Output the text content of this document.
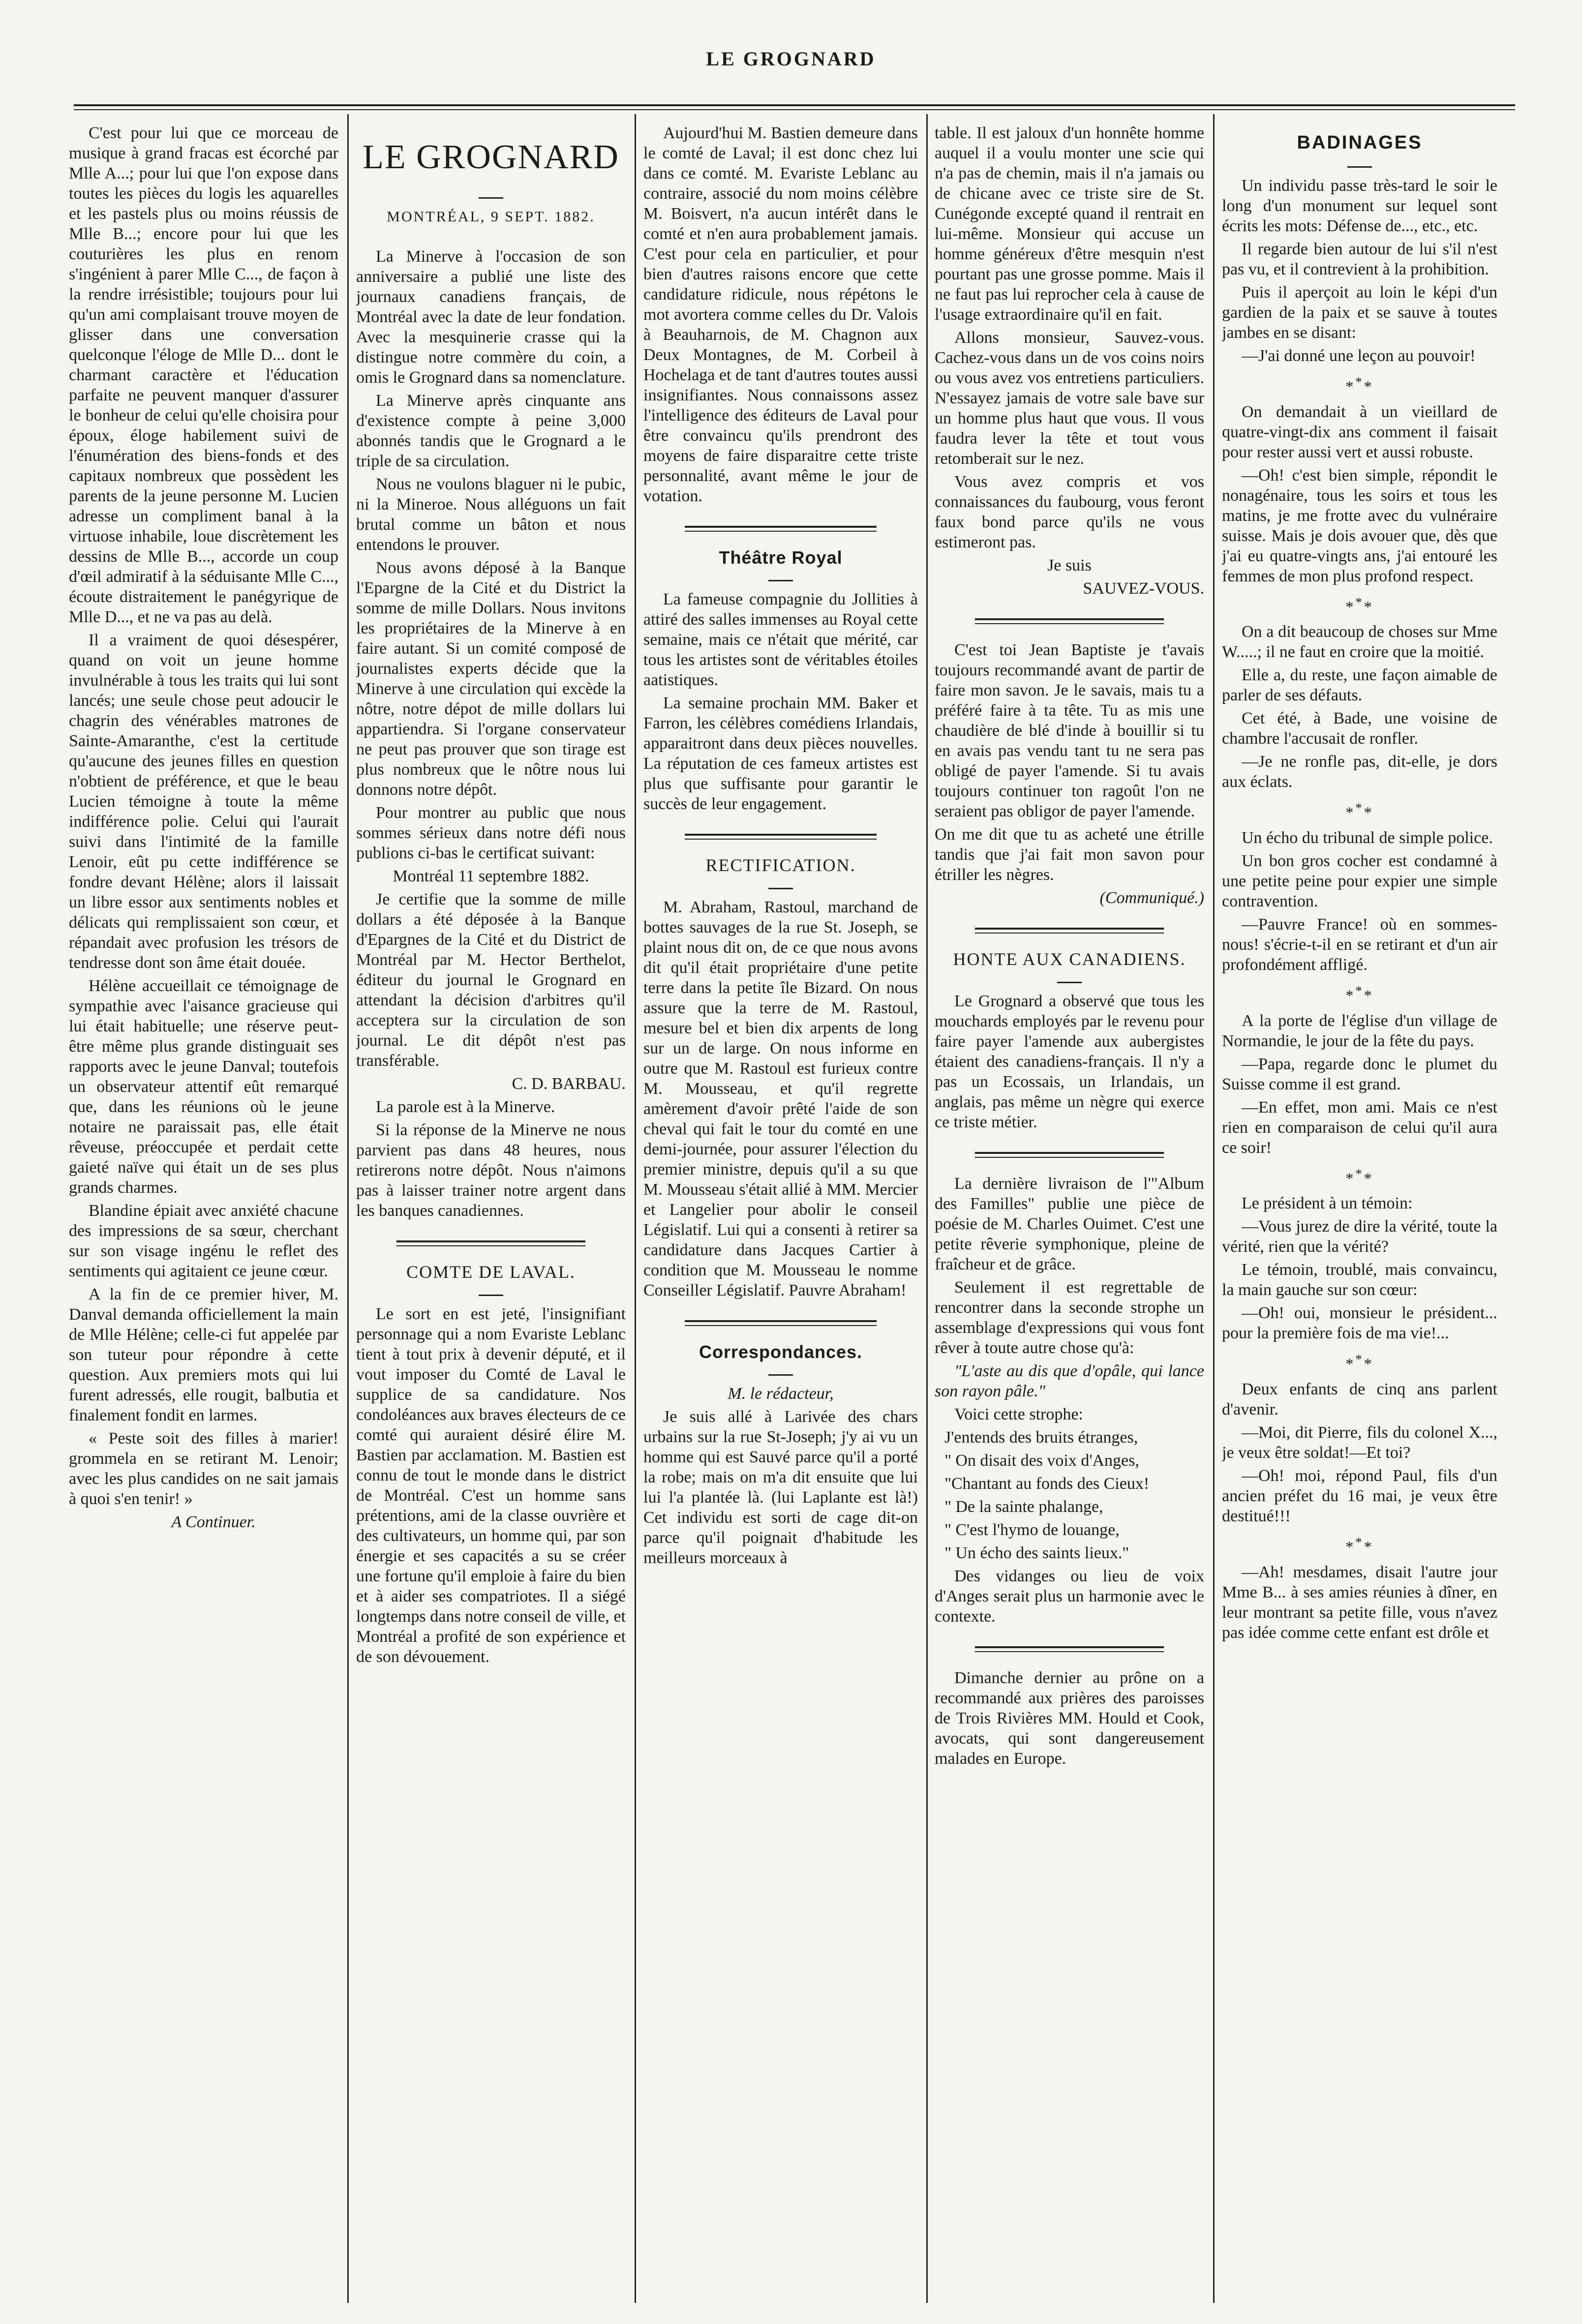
LE GROGNARD

C'est pour lui que ce morceau de musique à grand fracas est écorché par Mlle A...; pour lui que l'on expose dans toutes les pièces du logis les aquarelles et les pastels plus ou moins réussis de Mlle B...; encore pour lui que les couturières les plus en renom s'ingénient à parer Mlle C..., de façon à la rendre irrésistible; toujours pour lui qu'un ami complaisant trouve moyen de glisser dans une conversation quelconque l'éloge de Mlle D... dont le charmant caractère et l'éducation parfaite ne peuvent manquer d'assurer le bonheur de celui qu'elle choisira pour époux, éloge habilement suivi de l'énumération des biens-fonds et des capitaux nombreux que possèdent les parents de la jeune personne M. Lucien adresse un compliment banal à la virtuose inhabile, loue discrètement les dessins de Mlle B..., accorde un coup d'œil admiratif à la séduisante Mlle C..., écoute distraitement le panégyrique de Mlle D..., et ne va pas au delà.

Il a vraiment de quoi désespérer, quand on voit un jeune homme invulnérable à tous les traits qui lui sont lancés; une seule chose peut adoucir le chagrin des vénérables matrones de Sainte-Amaranthe, c'est la certitude qu'aucune des jeunes filles en question n'obtient de préférence, et que le beau Lucien témoigne à toute la même indifférence polie. Celui qui l'aurait suivi dans l'intimité de la famille Lenoir, eût pu cette indifférence se fondre devant Hélène; alors il laissait un libre essor aux sentiments nobles et délicats qui remplissaient son cœur, et répandait avec profusion les trésors de tendresse dont son âme était douée.

Hélène accueillait ce témoignage de sympathie avec l'aisance gracieuse qui lui était habituelle; une réserve peut-être même plus grande distinguait ses rapports avec le jeune Danval; toutefois un observateur attentif eût remarqué que, dans les réunions où le jeune notaire ne paraissait pas, elle était rêveuse, préoccupée et perdait cette gaieté naïve qui était un de ses plus grands charmes.

Blandine épiait avec anxiété chacune des impressions de sa sœur, cherchant sur son visage ingénu le reflet des sentiments qui agitaient ce jeune cœur.

A la fin de ce premier hiver, M. Danval demanda officiellement la main de Mlle Hélène; celle-ci fut appelée par son tuteur pour répondre à cette question. Aux premiers mots qui lui furent adressés, elle rougit, balbutia et finalement fondit en larmes.

« Peste soit des filles à marier! grommela en se retirant M. Lenoir; avec les plus candides on ne sait jamais à quoi s'en tenir! »

A Continuer.

LE GROGNARD
MONTRÉAL, 9 SEPT. 1882.

La Minerve à l'occasion de son anniversaire a publié une liste des journaux canadiens français, de Montréal avec la date de leur fondation. Avec la mesquinerie crasse qui la distingue notre commère du coin, a omis le Grognard dans sa nomenclature.

La Minerve après cinquante ans d'existence compte à peine 3,000 abonnés tandis que le Grognard a le triple de sa circulation.

Nous ne voulons blaguer ni le pubic, ni la Mineroe. Nous alléguons un fait brutal comme un bâton et nous entendons le prouver.

Nous avons déposé à la Banque l'Epargne de la Cité et du District la somme de mille Dollars. Nous invitons les propriétaires de la Minerve à en faire autant. Si un comité composé de journalistes experts décide que la Minerve à une circulation qui excède la nôtre, notre dépot de mille dollars lui appartiendra. Si l'organe conservateur ne peut pas prouver que son tirage est plus nombreux que le nôtre nous lui donnons notre dépôt.

Pour montrer au public que nous sommes sérieux dans notre défi nous publions ci-bas le certificat suivant:

Montréal 11 septembre 1882.

Je certifie que la somme de mille dollars a été déposée à la Banque d'Epargnes de la Cité et du District de Montréal par M. Hector Berthelot, éditeur du journal le Grognard en attendant la décision d'arbitres qu'il acceptera sur la circulation de son journal. Le dit dépôt n'est pas transférable.

C. D. BARBAU.

La parole est à la Minerve.

Si la réponse de la Minerve ne nous parvient pas dans 48 heures, nous retirerons notre dépôt. Nous n'aimons pas à laisser trainer notre argent dans les banques canadiennes.

COMTE DE LAVAL.

Le sort en est jeté, l'insignifiant personnage qui a nom Evariste Leblanc tient à tout prix à devenir député, et il vout imposer du Comté de Laval le supplice de sa candidature. Nos condoléances aux braves électeurs de ce comté qui auraient désiré élire M. Bastien par acclamation. M. Bastien est connu de tout le monde dans le district de Montréal. C'est un homme sans prétentions, ami de la classe ouvrière et des cultivateurs, un homme qui, par son énergie et ses capacités a su se créer une fortune qu'il emploie à faire du bien et à aider ses compatriotes. Il a siégé longtemps dans notre conseil de ville, et Montréal a profité de son expérience et de son dévouement.

Aujourd'hui M. Bastien demeure dans le comté de Laval; il est donc chez lui dans ce comté. M. Evariste Leblanc au contraire, associé du nom moins célèbre M. Boisvert, n'a aucun intérêt dans le comté et n'en aura probablement jamais. C'est pour cela en particulier, et pour bien d'autres raisons encore que cette candidature ridicule, nous répétons le mot avortera comme celles du Dr. Valois à Beauharnois, de M. Chagnon aux Deux Montagnes, de M. Corbeil à Hochelaga et de tant d'autres toutes aussi insignifiantes. Nous connaissons assez l'intelligence des éditeurs de Laval pour être convaincu qu'ils prendront des moyens de faire disparaitre cette triste personnalité, avant même le jour de votation.

Théâtre Royal

La fameuse compagnie du Jollities à attiré des salles immenses au Royal cette semaine, mais ce n'était que mérité, car tous les artistes sont de véritables étoiles aatistiques.

La semaine prochain MM. Baker et Farron, les célèbres comédiens Irlandais, apparaitront dans deux pièces nouvelles. La réputation de ces fameux artistes est plus que suffisante pour garantir le succès de leur engagement.

RECTIFICATION.

M. Abraham, Rastoul, marchand de bottes sauvages de la rue St. Joseph, se plaint nous dit on, de ce que nous avons dit qu'il était propriétaire d'une petite terre dans la petite île Bizard. On nous assure que la terre de M. Rastoul, mesure bel et bien dix arpents de long sur un de large. On nous informe en outre que M. Rastoul est furieux contre M. Mousseau, et qu'il regrette amèrement d'avoir prêté l'aide de son cheval qui fait le tour du comté en une demi-journée, pour assurer l'élection du premier ministre, depuis qu'il a su que M. Mousseau s'était allié à MM. Mercier et Langelier pour abolir le conseil Législatif. Lui qui a consenti à retirer sa candidature dans Jacques Cartier à condition que M. Mousseau le nomme Conseiller Législatif. Pauvre Abraham!

Correspondances.

M. le rédacteur,

Je suis allé à Larivée des chars urbains sur la rue St-Joseph; j'y ai vu un homme qui est Sauvé parce qu'il a porté la robe; mais on m'a dit ensuite que lui lui l'a plantée là. (lui Laplante est là!) Cet individu est sorti de cage dit-on parce qu'il poignait d'habitude les meilleurs morceaux à

table. Il est jaloux d'un honnête homme auquel il a voulu monter une scie qui n'a pas de chemin, mais il n'a jamais ou de chicane avec ce triste sire de St. Cunégonde excepté quand il rentrait en lui-même. Monsieur qui accuse un homme généreux d'être mesquin n'est pourtant pas une grosse pomme. Mais il ne faut pas lui reprocher cela à cause de l'usage extraordinaire qu'il en fait.

Allons monsieur, Sauvez-vous. Cachez-vous dans un de vos coins noirs ou vous avez vos entretiens particuliers. N'essayez jamais de votre sale bave sur un homme plus haut que vous. Il vous faudra lever la tête et tout vous retomberait sur le nez.

Vous avez compris et vos connaissances du faubourg, vous feront faux bond parce qu'ils ne vous estimeront pas.

Je suis

SAUVEZ-VOUS.

C'est toi Jean Baptiste je t'avais toujours recommandé avant de partir de faire mon savon. Je le savais, mais tu a préféré faire à ta tête. Tu as mis une chaudière de blé d'inde à bouillir si tu en avais pas vendu tant tu ne sera pas obligé de payer l'amende. Si tu avais toujours continuer ton ragoût l'on ne seraient pas obligor de payer l'amende.

On me dit que tu as acheté une étrille tandis que j'ai fait mon savon pour étriller les nègres.

(Communiqué.)

HONTE AUX CANADIENS.

Le Grognard a observé que tous les mouchards employés par le revenu pour faire payer l'amende aux aubergistes étaient des canadiens-français. Il n'y a pas un Ecossais, un Irlandais, un anglais, pas même un nègre qui exerce ce triste métier.

La dernière livraison de l'"Album des Familles" publie une pièce de poésie de M. Charles Ouimet. C'est une petite rêverie symphonique, pleine de fraîcheur et de grâce.

Seulement il est regrettable de rencontrer dans la seconde strophe un assemblage d'expressions qui vous font rêver à toute autre chose qu'à:

"L'aste au dis que d'opâle, qui lance son rayon pâle."

Voici cette strophe:

J'entends des bruits étranges,

" On disait des voix d'Anges,

"Chantant au fonds des Cieux!

" De la sainte phalange,

" C'est l'hymo de louange,

" Un écho des saints lieux."

Des vidanges ou lieu de voix d'Anges serait plus un harmonie avec le contexte.

Dimanche dernier au prône on a recommandé aux prières des paroisses de Trois Rivières MM. Hould et Cook, avocats, qui sont dangereusement malades en Europe.

BADINAGES

Un individu passe très-tard le soir le long d'un monument sur lequel sont écrits les mots: Défense de..., etc., etc.

Il regarde bien autour de lui s'il n'est pas vu, et il contrevient à la prohibition.

Puis il aperçoit au loin le képi d'un gardien de la paix et se sauve à toutes jambes en se disant:

—J'ai donné une leçon au pouvoir!

***

On demandait à un vieillard de quatre-vingt-dix ans comment il faisait pour rester aussi vert et aussi robuste.

—Oh! c'est bien simple, répondit le nonagénaire, tous les soirs et tous les matins, je me frotte avec du vulnéraire suisse. Mais je dois avouer que, dès que j'ai eu quatre-vingts ans, j'ai entouré les femmes de mon plus profond respect.

***

On a dit beaucoup de choses sur Mme W.....; il ne faut en croire que la moitié.

Elle a, du reste, une façon aimable de parler de ses défauts.

Cet été, à Bade, une voisine de chambre l'accusait de ronfler.

—Je ne ronfle pas, dit-elle, je dors aux éclats.

***

Un écho du tribunal de simple police.

Un bon gros cocher est condamné à une petite peine pour expier une simple contravention.

—Pauvre France! où en sommes-nous! s'écrie-t-il en se retirant et d'un air profondément affligé.

***

A la porte de l'église d'un village de Normandie, le jour de la fête du pays.

—Papa, regarde donc le plumet du Suisse comme il est grand.

—En effet, mon ami. Mais ce n'est rien en comparaison de celui qu'il aura ce soir!

***

Le président à un témoin:

—Vous jurez de dire la vérité, toute la vérité, rien que la vérité?

Le témoin, troublé, mais convaincu, la main gauche sur son cœur:

—Oh! oui, monsieur le président... pour la première fois de ma vie!...

***

Deux enfants de cinq ans parlent d'avenir.

—Moi, dit Pierre, fils du colonel X..., je veux être soldat!—Et toi?

—Oh! moi, répond Paul, fils d'un ancien préfet du 16 mai, je veux être destitué!!!

***

—Ah! mesdames, disait l'autre jour Mme B... à ses amies réunies à dîner, en leur montrant sa petite fille, vous n'avez pas idée comme cette enfant est drôle et
